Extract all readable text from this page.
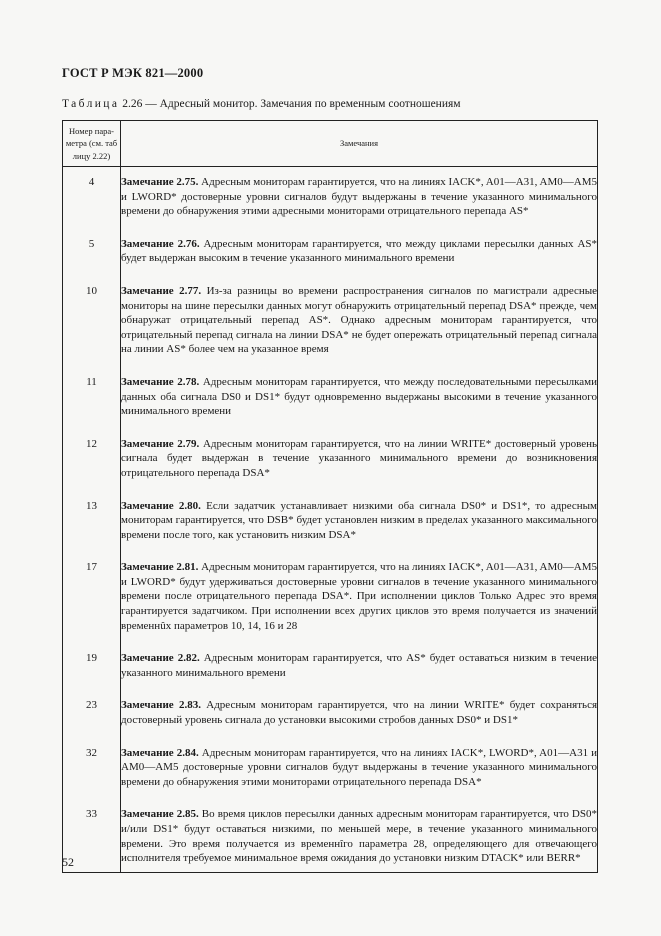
ГОСТ Р МЭК 821—2000
Таблица 2.26 — Адресный монитор. Замечания по временным соотношениям
Номер пара-
метра (см. таб
лицу 2.22)	Замечания

4	Замечание 2.75. Адресным мониторам гарантируется, что на линиях IACK*, A01—A31, AM0—AM5 и LWORD* достоверные уровни сигналов будут выдержаны в течение указанного минимального времени до обнаружения этими адресными мониторами отрицательного перепада AS*

5	Замечание 2.76. Адресным мониторам гарантируется, что между циклами пересылки данных AS* будет выдержан высоким в течение указанного минимального времени

10	Замечание 2.77. Из-за разницы во времени распространения сигналов по магистрали адресные мониторы на шине пересылки данных могут обнаружить отрицательный перепад DSA* прежде, чем обнаружат отрицательный перепад AS*. Однако адресным мониторам гарантируется, что отрицательный перепад сигнала на линии DSA* не будет опережать отрицательный перепад сигнала на линии AS* более чем на указанное время

11	Замечание 2.78. Адресным мониторам гарантируется, что между последовательными пересылками данных оба сигнала DS0 и DS1* будут одновременно выдержаны высокими в течение указанного минимального времени

12	Замечание 2.79. Адресным мониторам гарантируется, что на линии WRITE* достоверный уровень сигнала будет выдержан в течение указанного минимального времени до возникновения отрицательного перепада DSA*

13	Замечание 2.80. Если задатчик устанавливает низкими оба сигнала DS0* и DS1*, то адресным мониторам гарантируется, что DSB* будет установлен низким в пределах указанного максимального времени после того, как установить низким DSA*

17	Замечание 2.81. Адресным мониторам гарантируется, что на линиях IACK*, A01—A31, AM0—AM5 и LWORD* будут удерживаться достоверные уровни сигналов в течение указанного минимального времени после отрицательного перепада DSA*. При исполнении циклов Только Адрес это время гарантируется задатчиком. При исполнении всех других циклов это время получается из значений временнûх параметров 10, 14, 16 и 28

19	Замечание 2.82. Адресным мониторам гарантируется, что AS* будет оставаться низким в течение указанного минимального времени

23	Замечание 2.83. Адресным мониторам гарантируется, что на линии WRITE* будет сохраняться достоверный уровень сигнала до установки высокими стробов данных DS0* и DS1*

32	Замечание 2.84. Адресным мониторам гарантируется, что на линиях IACK*, LWORD*, A01—A31 и AM0—AM5 достоверные уровни сигналов будут выдержаны в течение указанного минимального времени до обнаружения этими мониторами отрицательного перепада DSA*

33	Замечание 2.85. Во время циклов пересылки данных адресным мониторам гарантируется, что DS0* и/или DS1* будут оставаться низкими, по меньшей мере, в течение указанного минимального времени. Это время получается из временнîго параметра 28, определяющего для отвечающего исполнителя требуемое минимальное время ожидания до установки низким DTACK* или BERR*
52
